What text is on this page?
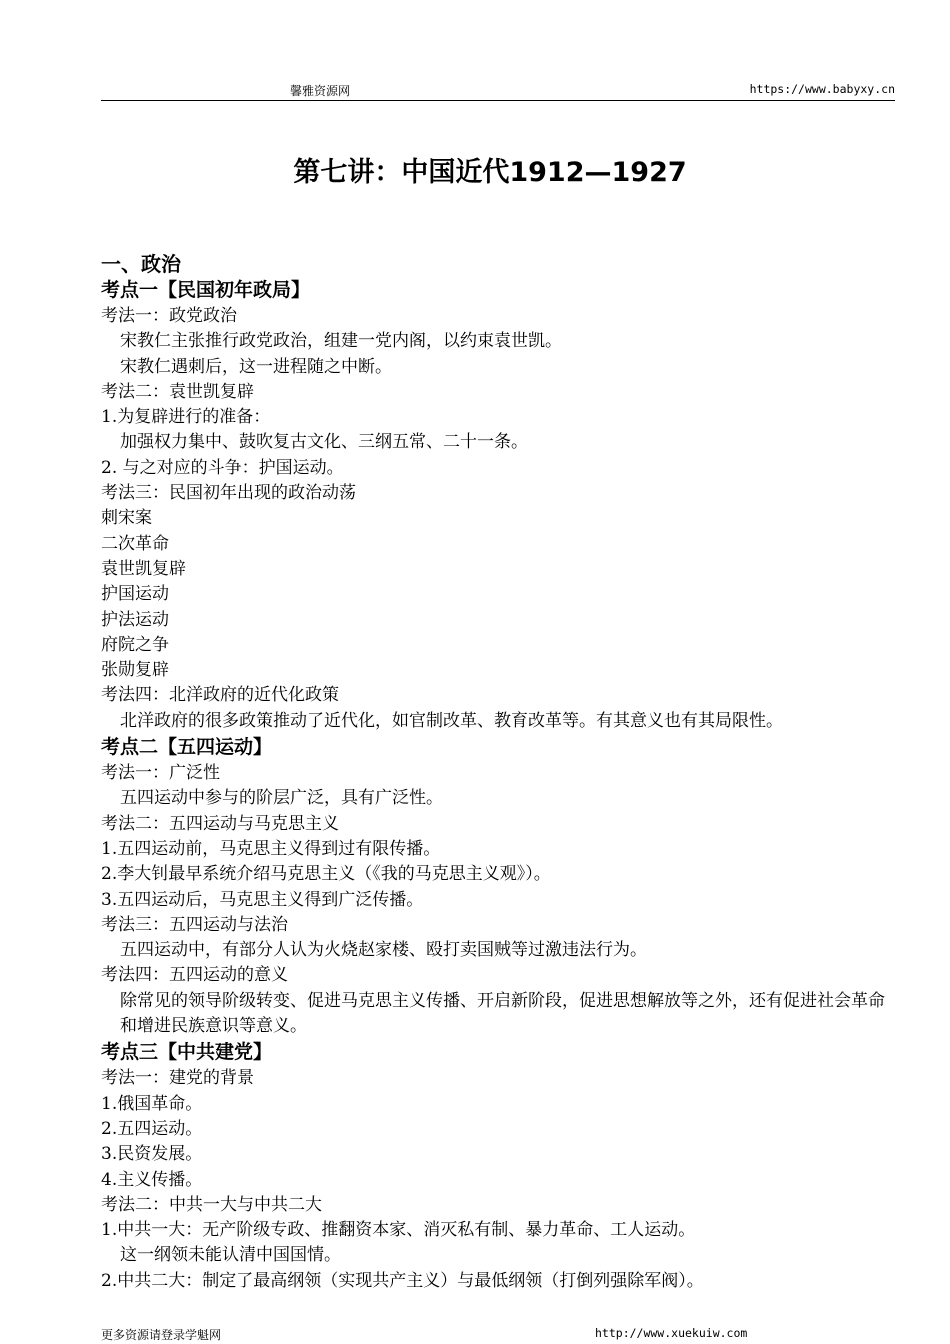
馨雅资源网	https://www.babyxy.cn
第七讲：中国近代1912—1927
一、政治
考点一【民国初年政局】
考法一：政党政治
宋教仁主张推行政党政治，组建一党内阁，以约束袁世凯。
宋教仁遇刺后，这一进程随之中断。
考法二：袁世凯复辟
1.为复辟进行的准备：
加强权力集中、鼓吹复古文化、三纲五常、二十一条。
2. 与之对应的斗争：护国运动。
考法三：民国初年出现的政治动荡
刺宋案
二次革命
袁世凯复辟
护国运动
护法运动
府院之争
张勋复辟
考法四：北洋政府的近代化政策
北洋政府的很多政策推动了近代化，如官制改革、教育改革等。有其意义也有其局限性。
考点二【五四运动】
考法一：广泛性
五四运动中参与的阶层广泛，具有广泛性。
考法二：五四运动与马克思主义
1.五四运动前，马克思主义得到过有限传播。
2.李大钊最早系统介绍马克思主义（《我的马克思主义观》）。
3.五四运动后，马克思主义得到广泛传播。
考法三：五四运动与法治
五四运动中，有部分人认为火烧赵家楼、殴打卖国贼等过激违法行为。
考法四：五四运动的意义
除常见的领导阶级转变、促进马克思主义传播、开启新阶段，促进思想解放等之外，还有促进社会革命和增进民族意识等意义。
考点三【中共建党】
考法一：建党的背景
1.俄国革命。
2.五四运动。
3.民资发展。
4.主义传播。
考法二：中共一大与中共二大
1.中共一大：无产阶级专政、推翻资本家、消灭私有制、暴力革命、工人运动。
这一纲领未能认清中国国情。
2.中共二大：制定了最高纲领（实现共产主义）与最低纲领（打倒列强除军阀）。
更多资源请登录学魁网	http://www.xuekuiw.com
